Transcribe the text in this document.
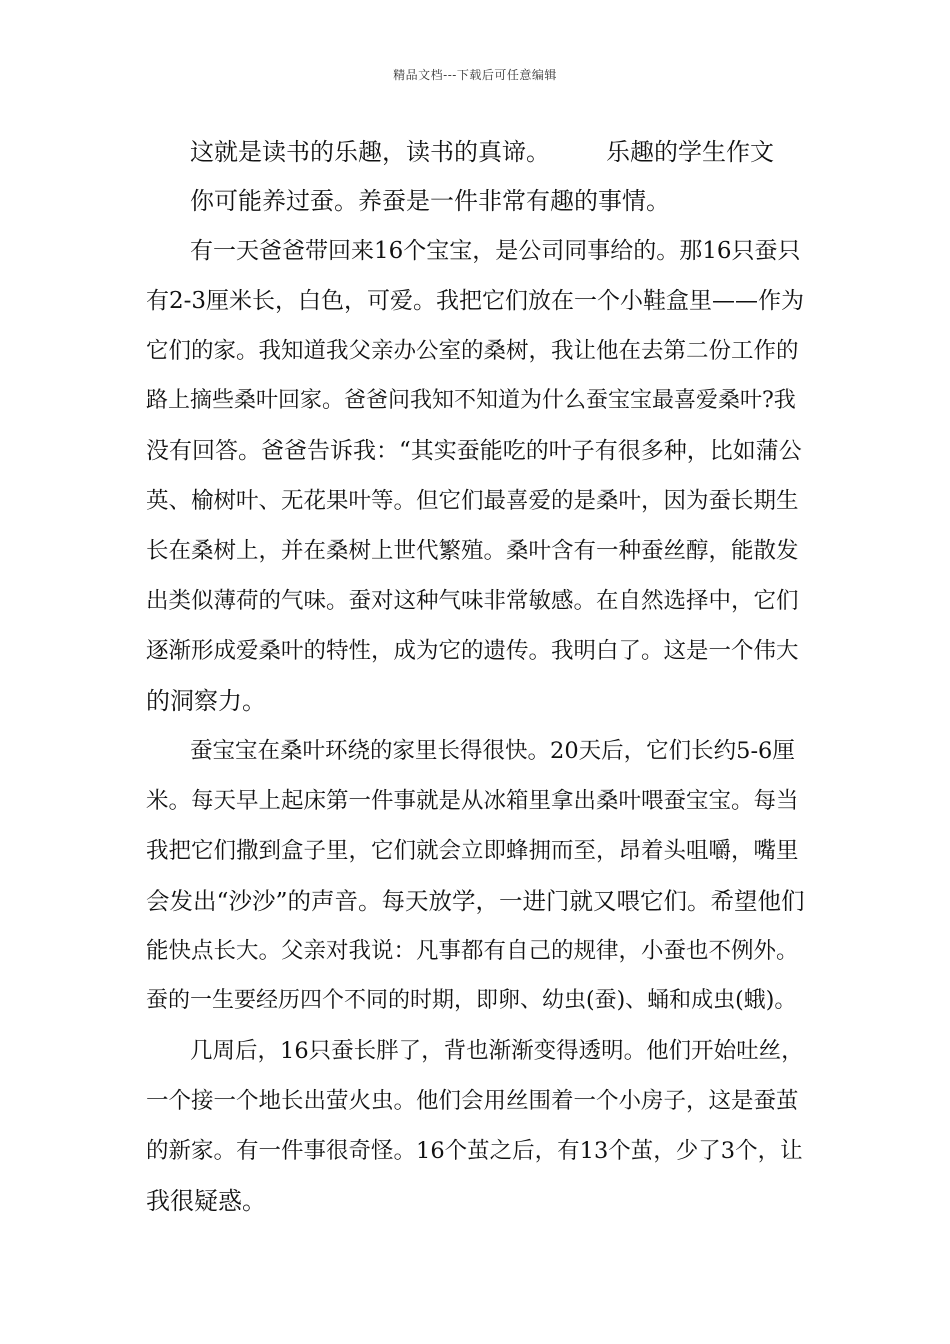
精品文档---下载后可任意编辑
这就是读书的乐趣，读书的真谛。 乐趣的学生作文
你可能养过蚕。养蚕是一件非常有趣的事情。
有一天爸爸带回来16个宝宝，是公司同事给的。那16只蚕只
有2-3厘米长，白色，可爱。我把它们放在一个小鞋盒里——作为
它们的家。我知道我父亲办公室的桑树，我让他在去第二份工作的
路上摘些桑叶回家。爸爸问我知不知道为什么蚕宝宝最喜爱桑叶?我
没有回答。爸爸告诉我：“其实蚕能吃的叶子有很多种，比如蒲公
英、榆树叶、无花果叶等。但它们最喜爱的是桑叶，因为蚕长期生
长在桑树上，并在桑树上世代繁殖。桑叶含有一种蚕丝醇，能散发
出类似薄荷的气味。蚕对这种气味非常敏感。在自然选择中，它们
逐渐形成爱桑叶的特性，成为它的遗传。我明白了。这是一个伟大
的洞察力。
蚕宝宝在桑叶环绕的家里长得很快。20天后，它们长约5-6厘
米。每天早上起床第一件事就是从冰箱里拿出桑叶喂蚕宝宝。每当
我把它们撒到盒子里，它们就会立即蜂拥而至，昂着头咀嚼，嘴里
会发出“沙沙”的声音。每天放学，一进门就又喂它们。希望他们
能快点长大。父亲对我说：凡事都有自己的规律，小蚕也不例外。
蚕的一生要经历四个不同的时期，即卵、幼虫(蚕)、蛹和成虫(蛾)。
几周后，16只蚕长胖了，背也渐渐变得透明。他们开始吐丝，
一个接一个地长出萤火虫。他们会用丝围着一个小房子，这是蚕茧
的新家。有一件事很奇怪。16个茧之后，有13个茧，少了3个，让
我很疑惑。
